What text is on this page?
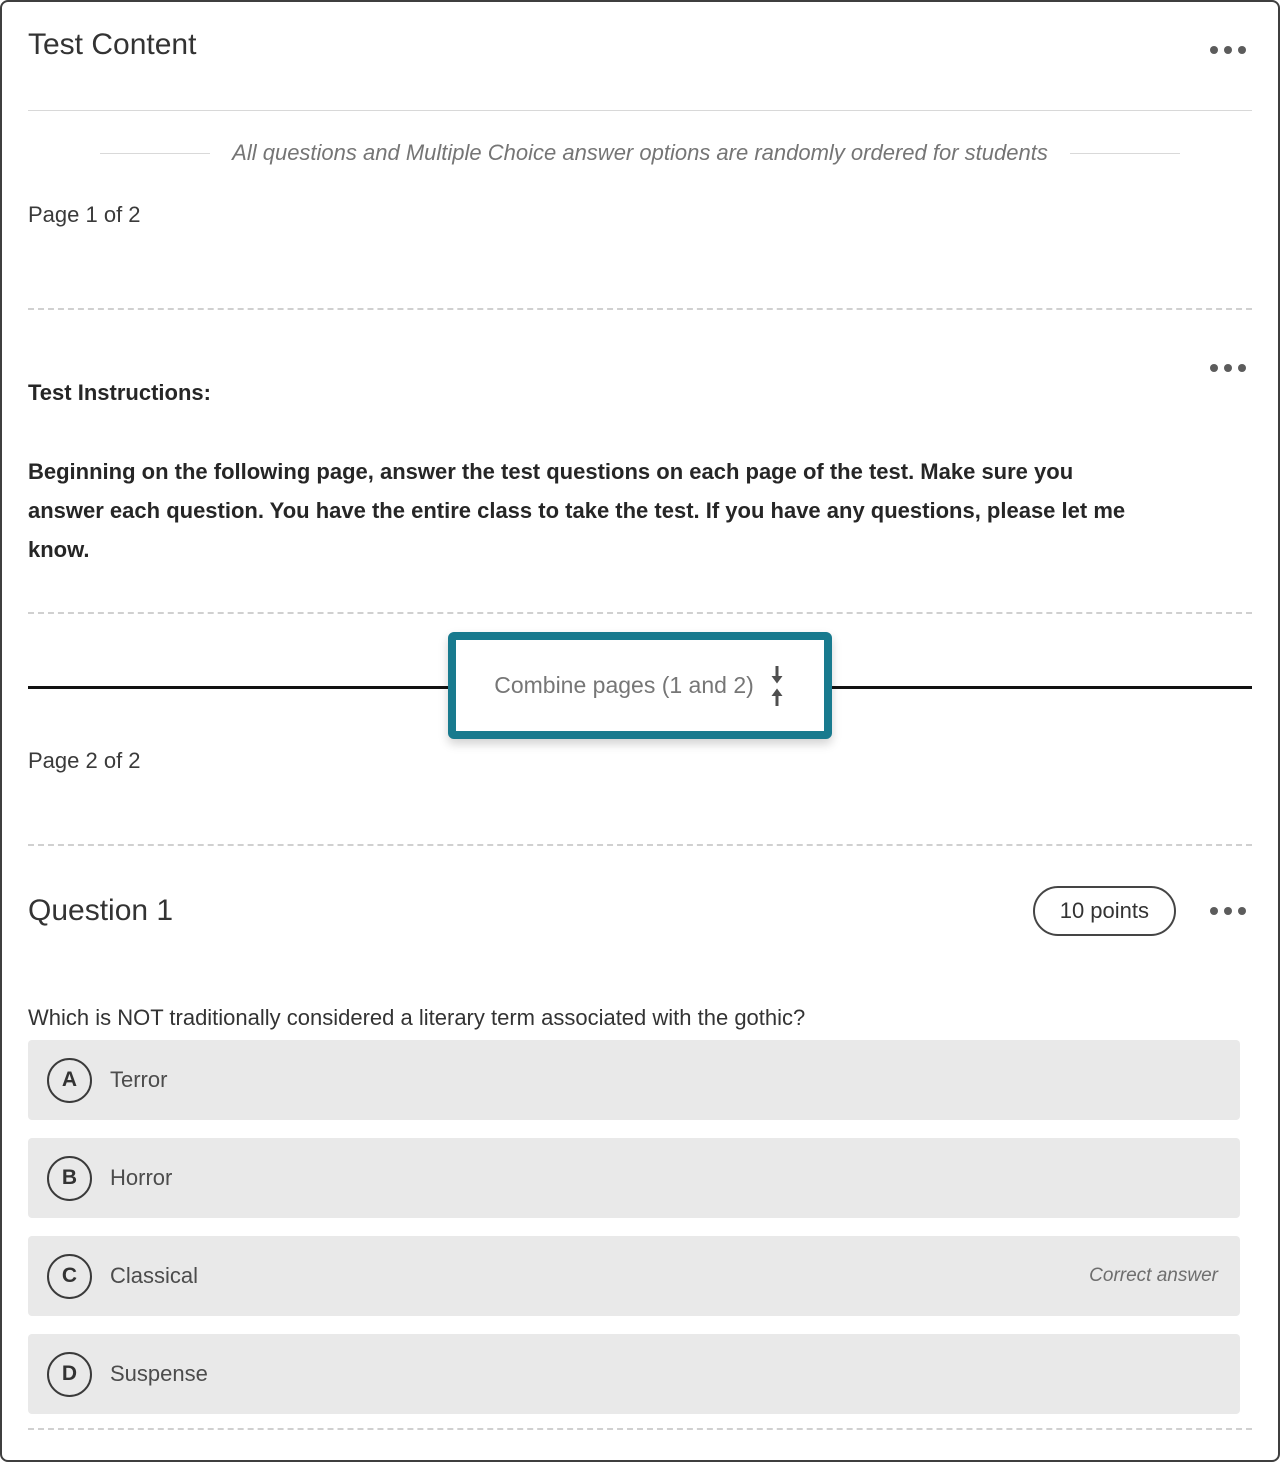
Test Content
All questions and Multiple Choice answer options are randomly ordered for students
Page 1 of 2
Test Instructions:
Beginning on the following page, answer the test questions on each page of the test. Make sure you answer each question. You have the entire class to take the test. If you have any questions, please let me know.
Combine pages (1 and 2)
Page 2 of 2
Question 1	10 points
Which is NOT traditionally considered a literary term associated with the gothic?
A	Terror
B	Horror
C	Classical	Correct answer
D	Suspense
